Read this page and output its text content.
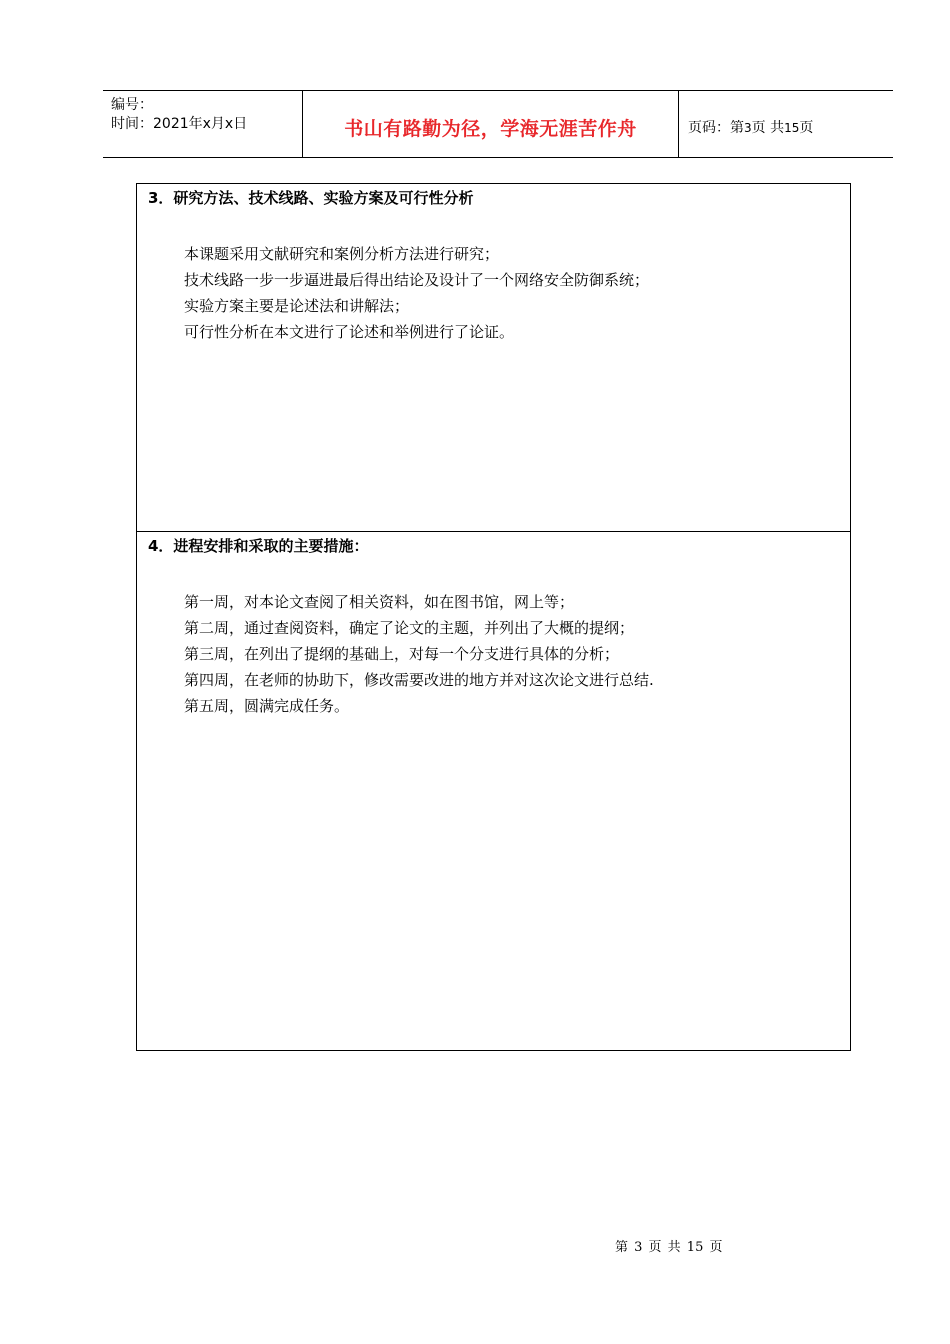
编号：
时间：2021年x月x日	书山有路勤为径，学海无涯苦作舟	页码：第3页 共15页
3．研究方法、技术线路、实验方案及可行性分析
本课题采用文献研究和案例分析方法进行研究；
技术线路一步一步逼进最后得出结论及设计了一个网络安全防御系统；
实验方案主要是论述法和讲解法；
可行性分析在本文进行了论述和举例进行了论证。
4．进程安排和采取的主要措施：
第一周，对本论文查阅了相关资料，如在图书馆，网上等；
第二周，通过查阅资料，确定了论文的主题，并列出了大概的提纲；
第三周，在列出了提纲的基础上，对每一个分支进行具体的分析；
第四周，在老师的协助下，修改需要改进的地方并对这次论文进行总结.
第五周，圆满完成任务。
第 3 页 共 15 页
